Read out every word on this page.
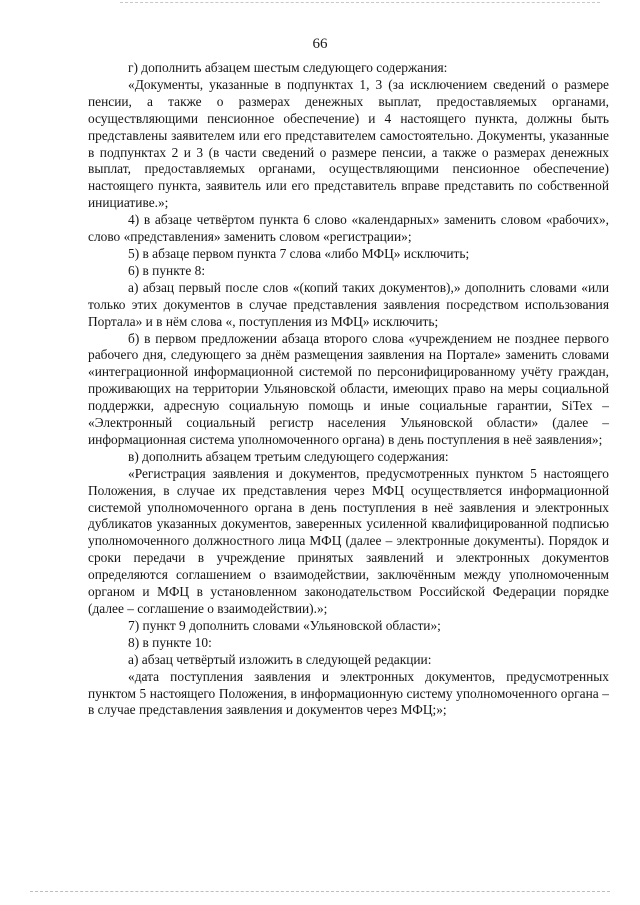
66

г) дополнить абзацем шестым следующего содержания:

«Документы, указанные в подпунктах 1, 3 (за исключением сведений о размере пенсии, а также о размерах денежных выплат, предоставляемых органами, осуществляющими пенсионное обеспечение) и 4 настоящего пункта, должны быть представлены заявителем или его представителем самостоятельно. Документы, указанные в подпунктах 2 и 3 (в части сведений о размере пенсии, а также о размерах денежных выплат, предоставляемых органами, осуществляющими пенсионное обеспечение) настоящего пункта, заявитель или его представитель вправе представить по собственной инициативе.»;

4) в абзаце четвёртом пункта 6 слово «календарных» заменить словом «рабочих», слово «представления» заменить словом «регистрации»;

5) в абзаце первом пункта 7 слова «либо МФЦ» исключить;

6) в пункте 8:

а) абзац первый после слов «(копий таких документов),» дополнить словами «или только этих документов в случае представления заявления посредством использования Портала» и в нём слова «, поступления из МФЦ» исключить;

б) в первом предложении абзаца второго слова «учреждением не позднее первого рабочего дня, следующего за днём размещения заявления на Портале» заменить словами «интеграционной информационной системой по персонифицированному учёту граждан, проживающих на территории Ульяновской области, имеющих право на меры социальной поддержки, адресную социальную помощь и иные социальные гарантии, SiTex – «Электронный социальный регистр населения Ульяновской области» (далее – информационная система уполномоченного органа) в день поступления в неё заявления»;

в) дополнить абзацем третьим следующего содержания:

«Регистрация заявления и документов, предусмотренных пунктом 5 настоящего Положения, в случае их представления через МФЦ осуществляется информационной системой уполномоченного органа в день поступления в неё заявления и электронных дубликатов указанных документов, заверенных усиленной квалифицированной подписью уполномоченного должностного лица МФЦ (далее – электронные документы). Порядок и сроки передачи в учреждение принятых заявлений и электронных документов определяются соглашением о взаимодействии, заключённым между уполномоченным органом и МФЦ в установленном законодательством Российской Федерации порядке (далее – соглашение о взаимодействии).»;

7) пункт 9 дополнить словами «Ульяновской области»;

8) в пункте 10:

а) абзац четвёртый изложить в следующей редакции:

«дата поступления заявления и электронных документов, предусмотренных пунктом 5 настоящего Положения, в информационную систему уполномоченного органа – в случае представления заявления и документов через МФЦ;»;
